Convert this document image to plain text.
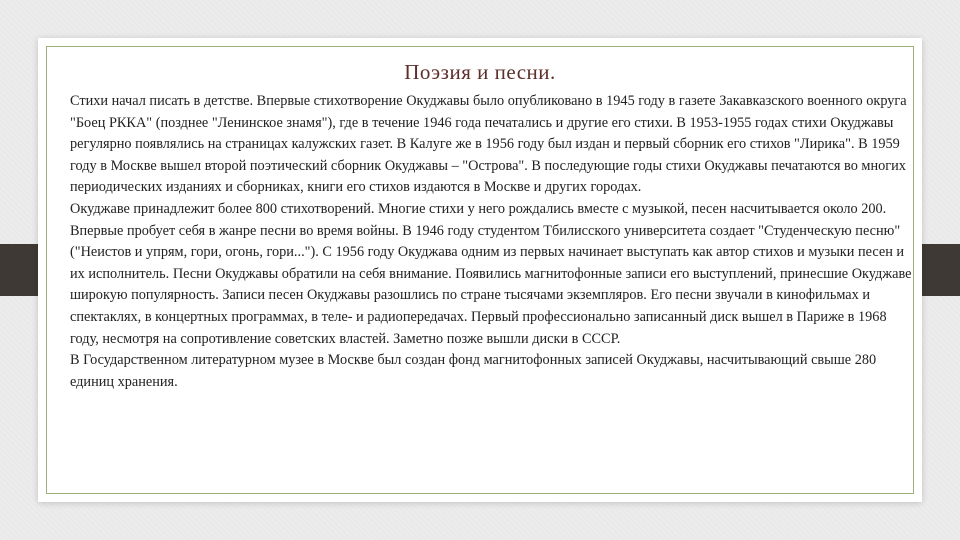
Поэзия и песни.

Стихи начал писать в детстве. Впервые стихотворение Окуджавы было опубликовано в 1945 году в газете Закавказского военного округа "Боец РККА" (позднее "Ленинское знамя"), где в течение 1946 года печатались и другие его стихи. В 1953-1955 годах стихи Окуджавы регулярно появлялись на страницах калужских газет. В Калуге же в 1956 году был издан и первый сборник его стихов "Лирика". В 1959 году в Москве вышел второй поэтический сборник Окуджавы – "Острова". В последующие годы стихи Окуджавы печатаются во многих периодических изданиях и сборниках, книги его стихов издаются в Москве и других городах.

Окуджаве принадлежит более 800 стихотворений. Многие стихи у него рождались вместе с музыкой, песен насчитывается около 200. Впервые пробует себя в жанре песни во время войны. В 1946 году студентом Тбилисского университета создает "Студенческую песню" ("Неистов и упрям, гори, огонь, гори..."). С 1956 году Окуджава одним из первых начинает выступать как автор стихов и музыки песен и их исполнитель. Песни Окуджавы обратили на себя внимание. Появились магнитофонные записи его выступлений, принесшие Окуджаве широкую популярность. Записи песен Окуджавы разошлись по стране тысячами экземпляров. Его песни звучали в кинофильмах и спектаклях, в концертных программах, в теле- и радиопередачах. Первый профессионально записанный диск вышел в Париже в 1968 году, несмотря на сопротивление советских властей. Заметно позже вышли диски в СССР.

В Государственном литературном музее в Москве был создан фонд магнитофонных записей Окуджавы, насчитывающий свыше 280 единиц хранения.
